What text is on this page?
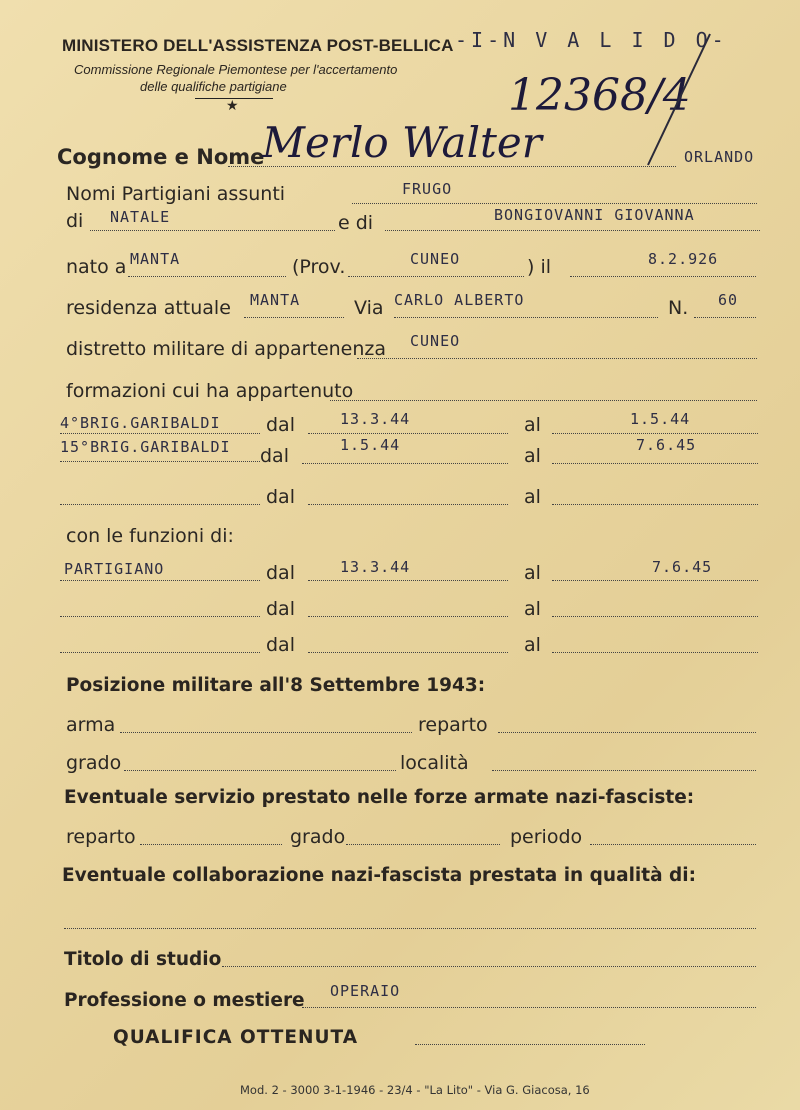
MINISTERO DELL'ASSISTENZA POST-BELLICA
Commissione Regionale Piemontese per l'accertamento
delle qualifiche partigiane
★
-I-N V A L I D O-
12368/4
Cognome e Nome
Merlo Walter	ORLANDO
Nomi Partigiani assunti	FRUGO
di NATALE	e di	BONGIOVANNI GIOVANNA
nato a MANTA	(Prov.	CUNEO	) il	8.2.926
residenza attuale MANTA	Via CARLO ALBERTO	N. 60
distretto militare di appartenenza CUNEO
formazioni cui ha appartenuto
4°BRIG.GARIBALDI dal	13.3.44	al	1.5.44
15°BRIG.GARIBALDI dal	1.5.44	al	7.6.45
dal	al
con le funzioni di:
PARTIGIANO	dal	13.3.44	al	7.6.45
dal	al
dal	al
Posizione militare all'8 Settembre 1943:
arma	reparto
grado	località
Eventuale servizio prestato nelle forze armate nazi-fasciste:
reparto	grado	periodo
Eventuale collaborazione nazi-fascista prestata in qualità di:
Titolo di studio
Professione o mestiere OPERAIO
QUALIFICA OTTENUTA
Mod. 2 - 3000 3-1-1946 - 23/4 - "La Lito" - Via G. Giacosa, 16
